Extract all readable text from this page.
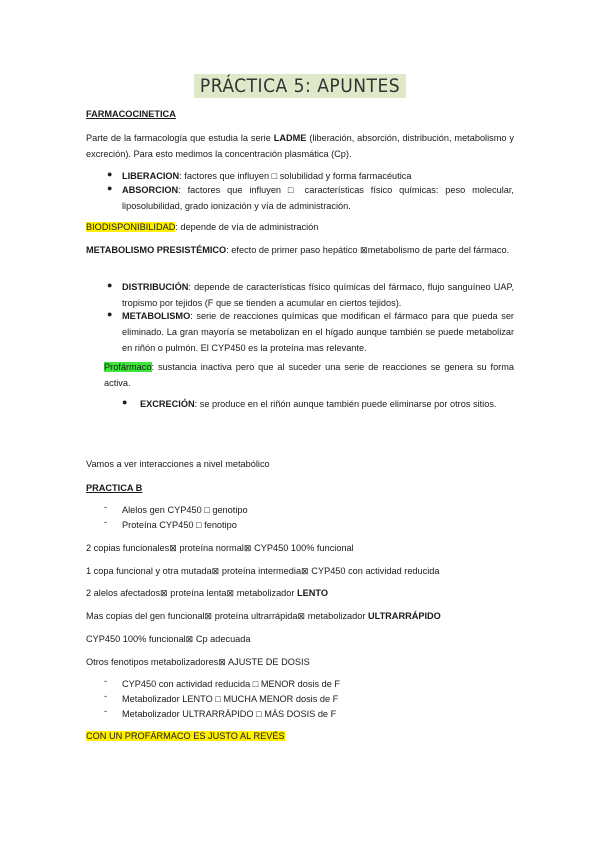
PRÁCTICA 5: APUNTES
FARMACOCINETICA
Parte de la farmacología que estudia la serie LADME (liberación, absorción, distribución, metabolismo y excreción). Para esto medimos la concentración plasmática (Cp).
● LIBERACION: factores que influyen □ solubilidad y forma farmacéutica
● ABSORCION: factores que influyen □ características físico químicas: peso molecular, liposolubilidad, grado ionización y vía de administración.
BIODISPONIBILIDAD: depende de vía de administración
METABOLISMO PRESISTÉMICO: efecto de primer paso hepático ⊠metabolismo de parte del fármaco.
● DISTRIBUCIÓN: depende de características físico químicas del fármaco, flujo sanguíneo UAP, tropismo por tejidos (F que se tienden a acumular en ciertos tejidos).
● METABOLISMO: serie de reacciones químicas que modifican el fármaco para que pueda ser eliminado. La gran mayoría se metabolizan en el hígado aunque también se puede metabolizar en riñón o pulmón. El CYP450 es la proteína mas relevante.
Profármaco: sustancia inactiva pero que al suceder una serie de reacciones se genera su forma activa.
● EXCRECIÓN: se produce en el riñón aunque también puede eliminarse por otros sitios.
Vamos a ver interacciones a nivel metabólico
PRACTICA B
- Alelos gen CYP450 □ genotipo
- Proteína CYP450 □ fenotipo
2 copias funcionales⊠ proteína normal⊠ CYP450 100% funcional
1 copa funcional y otra mutada⊠ proteína intermedia⊠ CYP450 con actividad reducida
2 alelos afectados⊠ proteína lenta⊠ metabolizador LENTO
Mas copias del gen funcional⊠ proteína ultrarrápida⊠ metabolizador ULTRARRÁPIDO
CYP450 100% funcional⊠ Cp adecuada
Otros fenotipos metabolizadores⊠ AJUSTE DE DOSIS
- CYP450 con actividad reducida □ MENOR dosis de F
- Metabolizador LENTO □ MUCHA MENOR dosis de F
- Metabolizador ULTRARRÁPIDO □ MÁS DOSIS de F
CON UN PROFÁRMACO ES JUSTO AL REVÉS
